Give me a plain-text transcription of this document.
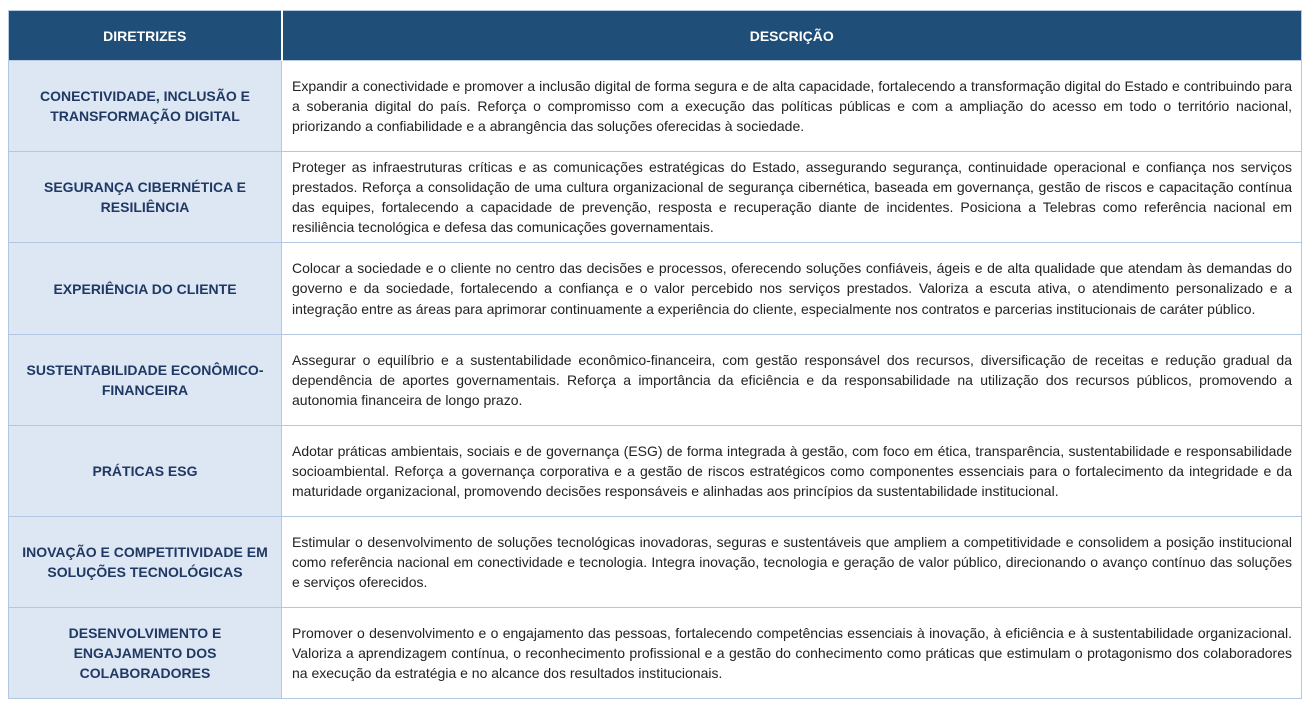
DIRETRIZES	DESCRIÇÃO
CONECTIVIDADE, INCLUSÃO E TRANSFORMAÇÃO DIGITAL	Expandir a conectividade e promover a inclusão digital de forma segura e de alta capacidade, fortalecendo a transformação digital do Estado e contribuindo para a soberania digital do país. Reforça o compromisso com a execução das políticas públicas e com a ampliação do acesso em todo o território nacional, priorizando a confiabilidade e a abrangência das soluções oferecidas à sociedade.
SEGURANÇA CIBERNÉTICA E RESILIÊNCIA	Proteger as infraestruturas críticas e as comunicações estratégicas do Estado, assegurando segurança, continuidade operacional e confiança nos serviços prestados. Reforça a consolidação de uma cultura organizacional de segurança cibernética, baseada em governança, gestão de riscos e capacitação contínua das equipes, fortalecendo a capacidade de prevenção, resposta e recuperação diante de incidentes. Posiciona a Telebras como referência nacional em resiliência tecnológica e defesa das comunicações governamentais.
EXPERIÊNCIA DO CLIENTE	Colocar a sociedade e o cliente no centro das decisões e processos, oferecendo soluções confiáveis, ágeis e de alta qualidade que atendam às demandas do governo e da sociedade, fortalecendo a confiança e o valor percebido nos serviços prestados. Valoriza a escuta ativa, o atendimento personalizado e a integração entre as áreas para aprimorar continuamente a experiência do cliente, especialmente nos contratos e parcerias institucionais de caráter público.
SUSTENTABILIDADE ECONÔMICO-FINANCEIRA	Assegurar o equilíbrio e a sustentabilidade econômico-financeira, com gestão responsável dos recursos, diversificação de receitas e redução gradual da dependência de aportes governamentais. Reforça a importância da eficiência e da responsabilidade na utilização dos recursos públicos, promovendo a autonomia financeira de longo prazo.
PRÁTICAS ESG	Adotar práticas ambientais, sociais e de governança (ESG) de forma integrada à gestão, com foco em ética, transparência, sustentabilidade e responsabilidade socioambiental. Reforça a governança corporativa e a gestão de riscos estratégicos como componentes essenciais para o fortalecimento da integridade e da maturidade organizacional, promovendo decisões responsáveis e alinhadas aos princípios da sustentabilidade institucional.
INOVAÇÃO E COMPETITIVIDADE EM SOLUÇÕES TECNOLÓGICAS	Estimular o desenvolvimento de soluções tecnológicas inovadoras, seguras e sustentáveis que ampliem a competitividade e consolidem a posição institucional como referência nacional em conectividade e tecnologia. Integra inovação, tecnologia e geração de valor público, direcionando o avanço contínuo das soluções e serviços oferecidos.
DESENVOLVIMENTO E ENGAJAMENTO DOS COLABORADORES	Promover o desenvolvimento e o engajamento das pessoas, fortalecendo competências essenciais à inovação, à eficiência e à sustentabilidade organizacional. Valoriza a aprendizagem contínua, o reconhecimento profissional e a gestão do conhecimento como práticas que estimulam o protagonismo dos colaboradores na execução da estratégia e no alcance dos resultados institucionais.
